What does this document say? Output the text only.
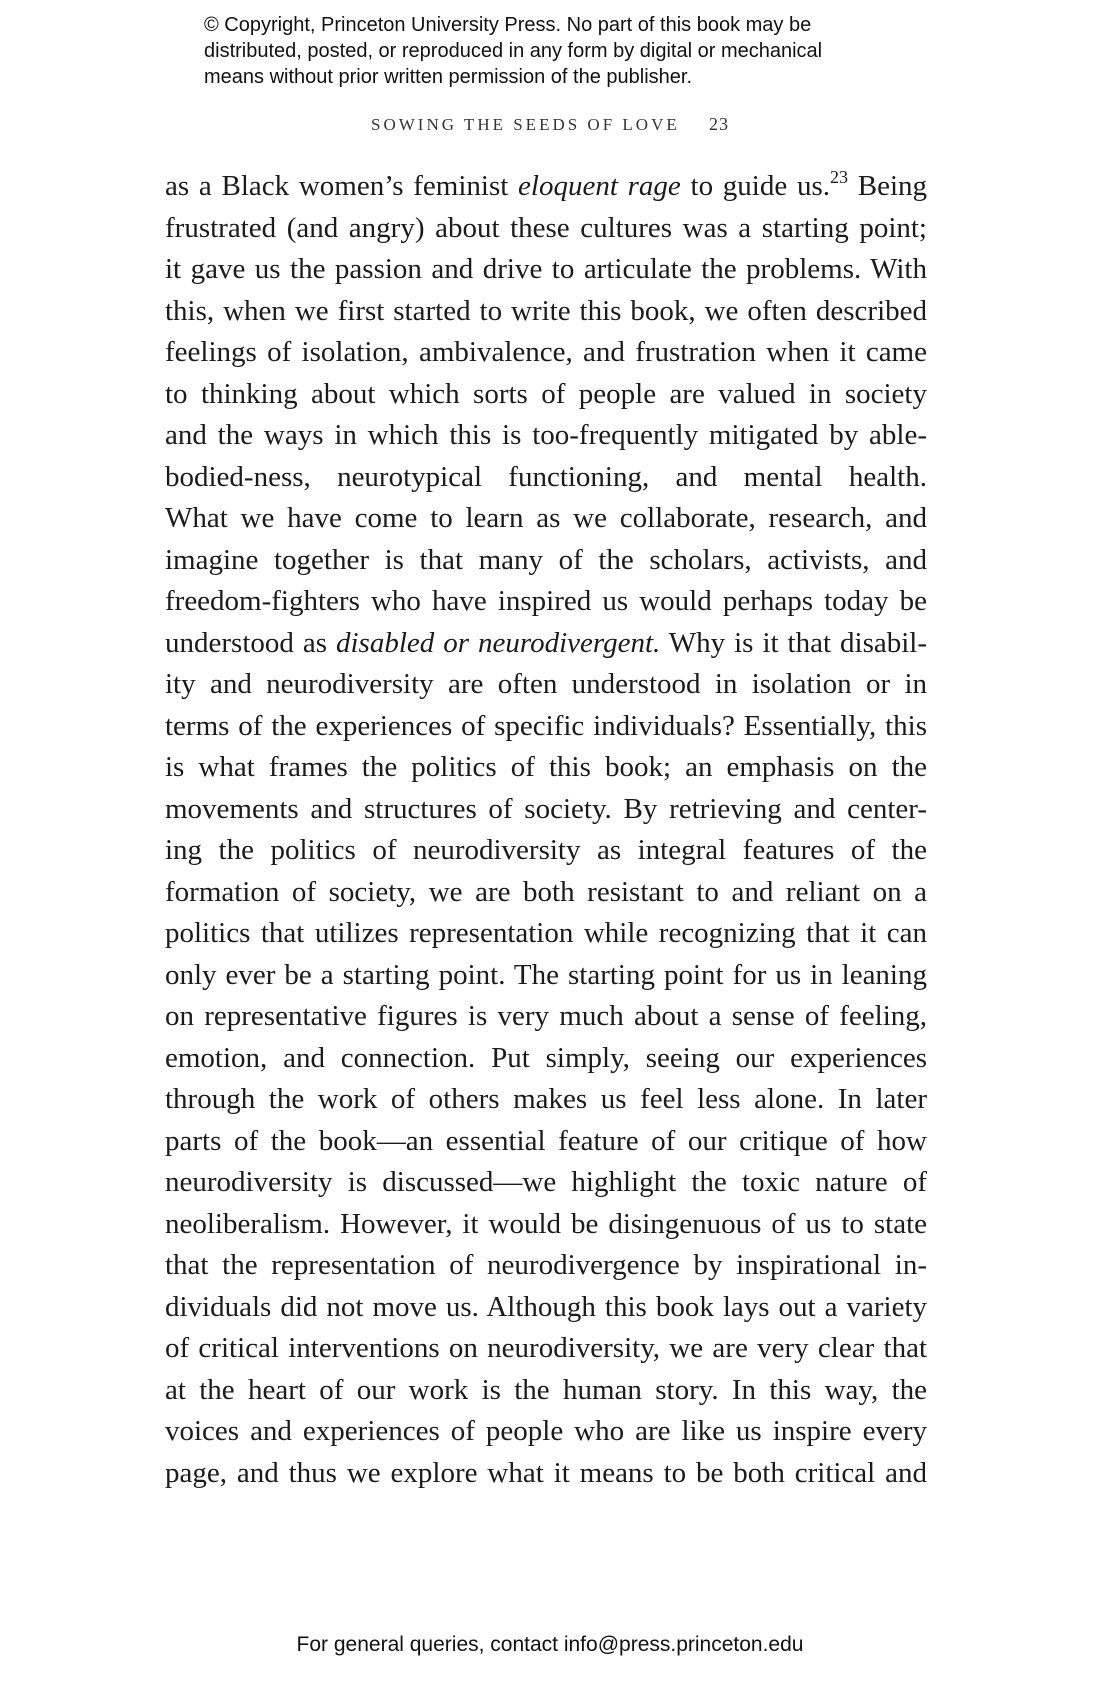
© Copyright, Princeton University Press. No part of this book may be
distributed, posted, or reproduced in any form by digital or mechanical
means without prior written permission of the publisher.
SOWING THE SEEDS OF LOVE 23
as a Black women’s feminist eloquent rage to guide us.$^{23}$ Being
frustrated (and angry) about these cultures was a starting point;
it gave us the passion and drive to articulate the problems. With
this, when we first started to write this book, we often described
feelings of isolation, ambivalence, and frustration when it came
to thinking about which sorts of people are valued in society
and the ways in which this is too-frequently mitigated by able-
bodied-ness, neurotypical functioning, and mental health.
What we have come to learn as we collaborate, research, and
imagine together is that many of the scholars, activists, and
freedom-fighters who have inspired us would perhaps today be
understood as disabled or neurodivergent. Why is it that disabil-
ity and neurodiversity are often understood in isolation or in
terms of the experiences of specific individuals? Essentially, this
is what frames the politics of this book; an emphasis on the
movements and structures of society. By retrieving and center-
ing the politics of neurodiversity as integral features of the
formation of society, we are both resistant to and reliant on a
politics that utilizes representation while recognizing that it can
only ever be a starting point. The starting point for us in leaning
on representative figures is very much about a sense of feeling,
emotion, and connection. Put simply, seeing our experiences
through the work of others makes us feel less alone. In later
parts of the book—an essential feature of our critique of how
neurodiversity is discussed—we highlight the toxic nature of
neoliberalism. However, it would be disingenuous of us to state
that the representation of neurodivergence by inspirational in-
dividuals did not move us. Although this book lays out a variety
of critical interventions on neurodiversity, we are very clear that
at the heart of our work is the human story. In this way, the
voices and experiences of people who are like us inspire every
page, and thus we explore what it means to be both critical and
For general queries, contact info@press.princeton.edu
